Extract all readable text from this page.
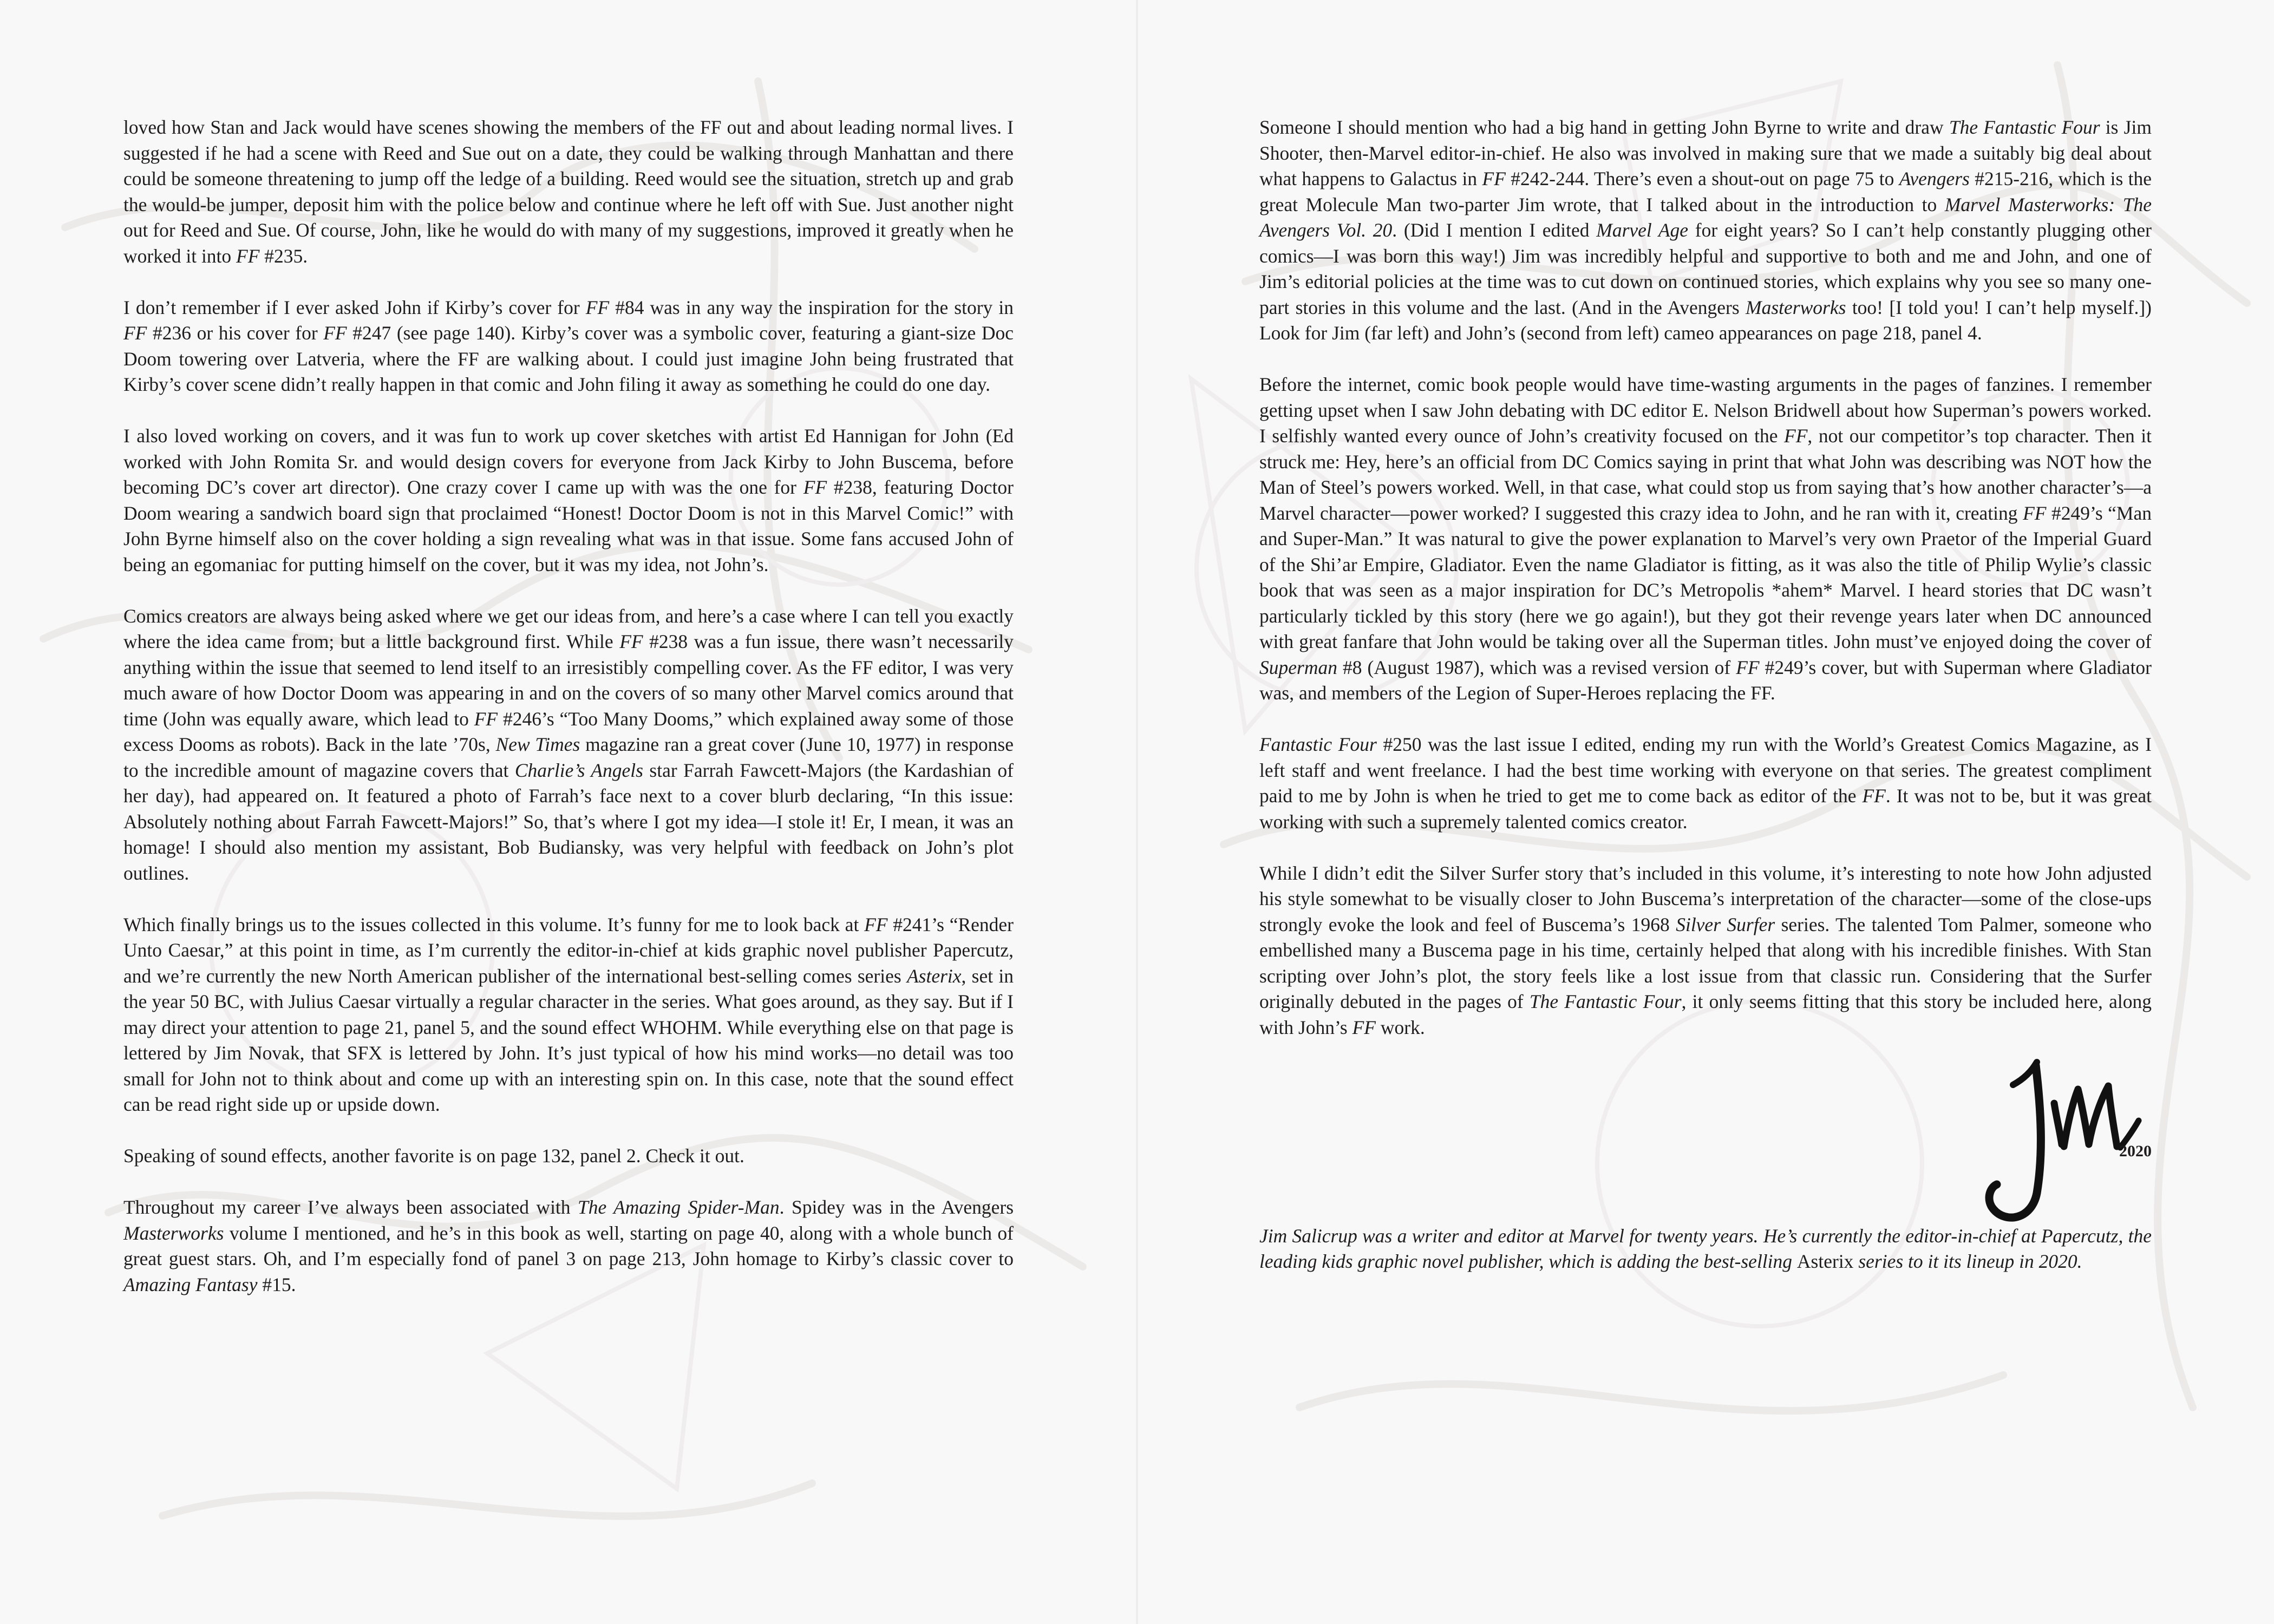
loved how Stan and Jack would have scenes showing the members of the FF out and about leading normal lives. I suggested if he had a scene with Reed and Sue out on a date, they could be walking through Manhattan and there could be someone threatening to jump off the ledge of a building. Reed would see the situation, stretch up and grab the would-be jumper, deposit him with the police below and continue where he left off with Sue. Just another night out for Reed and Sue. Of course, John, like he would do with many of my suggestions, improved it greatly when he worked it into FF #235.

I don’t remember if I ever asked John if Kirby’s cover for FF #84 was in any way the inspiration for the story in FF #236 or his cover for FF #247 (see page 140). Kirby’s cover was a symbolic cover, featuring a giant-size Doc Doom towering over Latveria, where the FF are walking about. I could just imagine John being frustrated that Kirby’s cover scene didn’t really happen in that comic and John filing it away as something he could do one day.

I also loved working on covers, and it was fun to work up cover sketches with artist Ed Hannigan for John (Ed worked with John Romita Sr. and would design covers for everyone from Jack Kirby to John Buscema, before becoming DC’s cover art director). One crazy cover I came up with was the one for FF #238, featuring Doctor Doom wearing a sandwich board sign that proclaimed “Honest! Doctor Doom is not in this Marvel Comic!” with John Byrne himself also on the cover holding a sign revealing what was in that issue. Some fans accused John of being an egomaniac for putting himself on the cover, but it was my idea, not John’s.

Comics creators are always being asked where we get our ideas from, and here’s a case where I can tell you exactly where the idea came from; but a little background first. While FF #238 was a fun issue, there wasn’t necessarily anything within the issue that seemed to lend itself to an irresistibly compelling cover. As the FF editor, I was very much aware of how Doctor Doom was appearing in and on the covers of so many other Marvel comics around that time (John was equally aware, which lead to FF #246’s “Too Many Dooms,” which explained away some of those excess Dooms as robots). Back in the late ’70s, New Times magazine ran a great cover (June 10, 1977) in response to the incredible amount of magazine covers that Charlie’s Angels star Farrah Fawcett-Majors (the Kardashian of her day), had appeared on. It featured a photo of Farrah’s face next to a cover blurb declaring, “In this issue: Absolutely nothing about Farrah Fawcett-Majors!” So, that’s where I got my idea—I stole it! Er, I mean, it was an homage! I should also mention my assistant, Bob Budiansky, was very helpful with feedback on John’s plot outlines.

Which finally brings us to the issues collected in this volume. It’s funny for me to look back at FF #241’s “Render Unto Caesar,” at this point in time, as I’m currently the editor-in-chief at kids graphic novel publisher Papercutz, and we’re currently the new North American publisher of the international best-selling comes series Asterix, set in the year 50 BC, with Julius Caesar virtually a regular character in the series. What goes around, as they say. But if I may direct your attention to page 21, panel 5, and the sound effect WHOHM. While everything else on that page is lettered by Jim Novak, that SFX is lettered by John. It’s just typical of how his mind works—no detail was too small for John not to think about and come up with an interesting spin on. In this case, note that the sound effect can be read right side up or upside down.

Speaking of sound effects, another favorite is on page 132, panel 2. Check it out.

Throughout my career I’ve always been associated with The Amazing Spider-Man. Spidey was in the Avengers Masterworks volume I mentioned, and he’s in this book as well, starting on page 40, along with a whole bunch of great guest stars. Oh, and I’m especially fond of panel 3 on page 213, John homage to Kirby’s classic cover to Amazing Fantasy #15.

Someone I should mention who had a big hand in getting John Byrne to write and draw The Fantastic Four is Jim Shooter, then-Marvel editor-in-chief. He also was involved in making sure that we made a suitably big deal about what happens to Galactus in FF #242-244. There’s even a shout-out on page 75 to Avengers #215-216, which is the great Molecule Man two-parter Jim wrote, that I talked about in the introduction to Marvel Masterworks: The Avengers Vol. 20. (Did I mention I edited Marvel Age for eight years? So I can’t help constantly plugging other comics—I was born this way!) Jim was incredibly helpful and supportive to both and me and John, and one of Jim’s editorial policies at the time was to cut down on continued stories, which explains why you see so many one-part stories in this volume and the last. (And in the Avengers Masterworks too! [I told you! I can’t help myself.]) Look for Jim (far left) and John’s (second from left) cameo appearances on page 218, panel 4.

Before the internet, comic book people would have time-wasting arguments in the pages of fanzines. I remember getting upset when I saw John debating with DC editor E. Nelson Bridwell about how Superman’s powers worked. I selfishly wanted every ounce of John’s creativity focused on the FF, not our competitor’s top character. Then it struck me: Hey, here’s an official from DC Comics saying in print that what John was describing was NOT how the Man of Steel’s powers worked. Well, in that case, what could stop us from saying that’s how another character’s—a Marvel character—power worked? I suggested this crazy idea to John, and he ran with it, creating FF #249’s “Man and Super-Man.” It was natural to give the power explanation to Marvel’s very own Praetor of the Imperial Guard of the Shi’ar Empire, Gladiator. Even the name Gladiator is fitting, as it was also the title of Philip Wylie’s classic book that was seen as a major inspiration for DC’s Metropolis *ahem* Marvel. I heard stories that DC wasn’t particularly tickled by this story (here we go again!), but they got their revenge years later when DC announced with great fanfare that John would be taking over all the Superman titles. John must’ve enjoyed doing the cover of Superman #8 (August 1987), which was a revised version of FF #249’s cover, but with Superman where Gladiator was, and members of the Legion of Super-Heroes replacing the FF.

Fantastic Four #250 was the last issue I edited, ending my run with the World’s Greatest Comics Magazine, as I left staff and went freelance. I had the best time working with everyone on that series. The greatest compliment paid to me by John is when he tried to get me to come back as editor of the FF. It was not to be, but it was great working with such a supremely talented comics creator.

While I didn’t edit the Silver Surfer story that’s included in this volume, it’s interesting to note how John adjusted his style somewhat to be visually closer to John Buscema’s interpretation of the character—some of the close-ups strongly evoke the look and feel of Buscema’s 1968 Silver Surfer series. The talented Tom Palmer, someone who embellished many a Buscema page in his time, certainly helped that along with his incredible finishes. With Stan scripting over John’s plot, the story feels like a lost issue from that classic run. Considering that the Surfer originally debuted in the pages of The Fantastic Four, it only seems fitting that this story be included here, along with John’s FF work.

2020

Jim Salicrup was a writer and editor at Marvel for twenty years. He’s currently the editor-in-chief at Papercutz, the leading kids graphic novel publisher, which is adding the best-selling Asterix series to it its lineup in 2020.
